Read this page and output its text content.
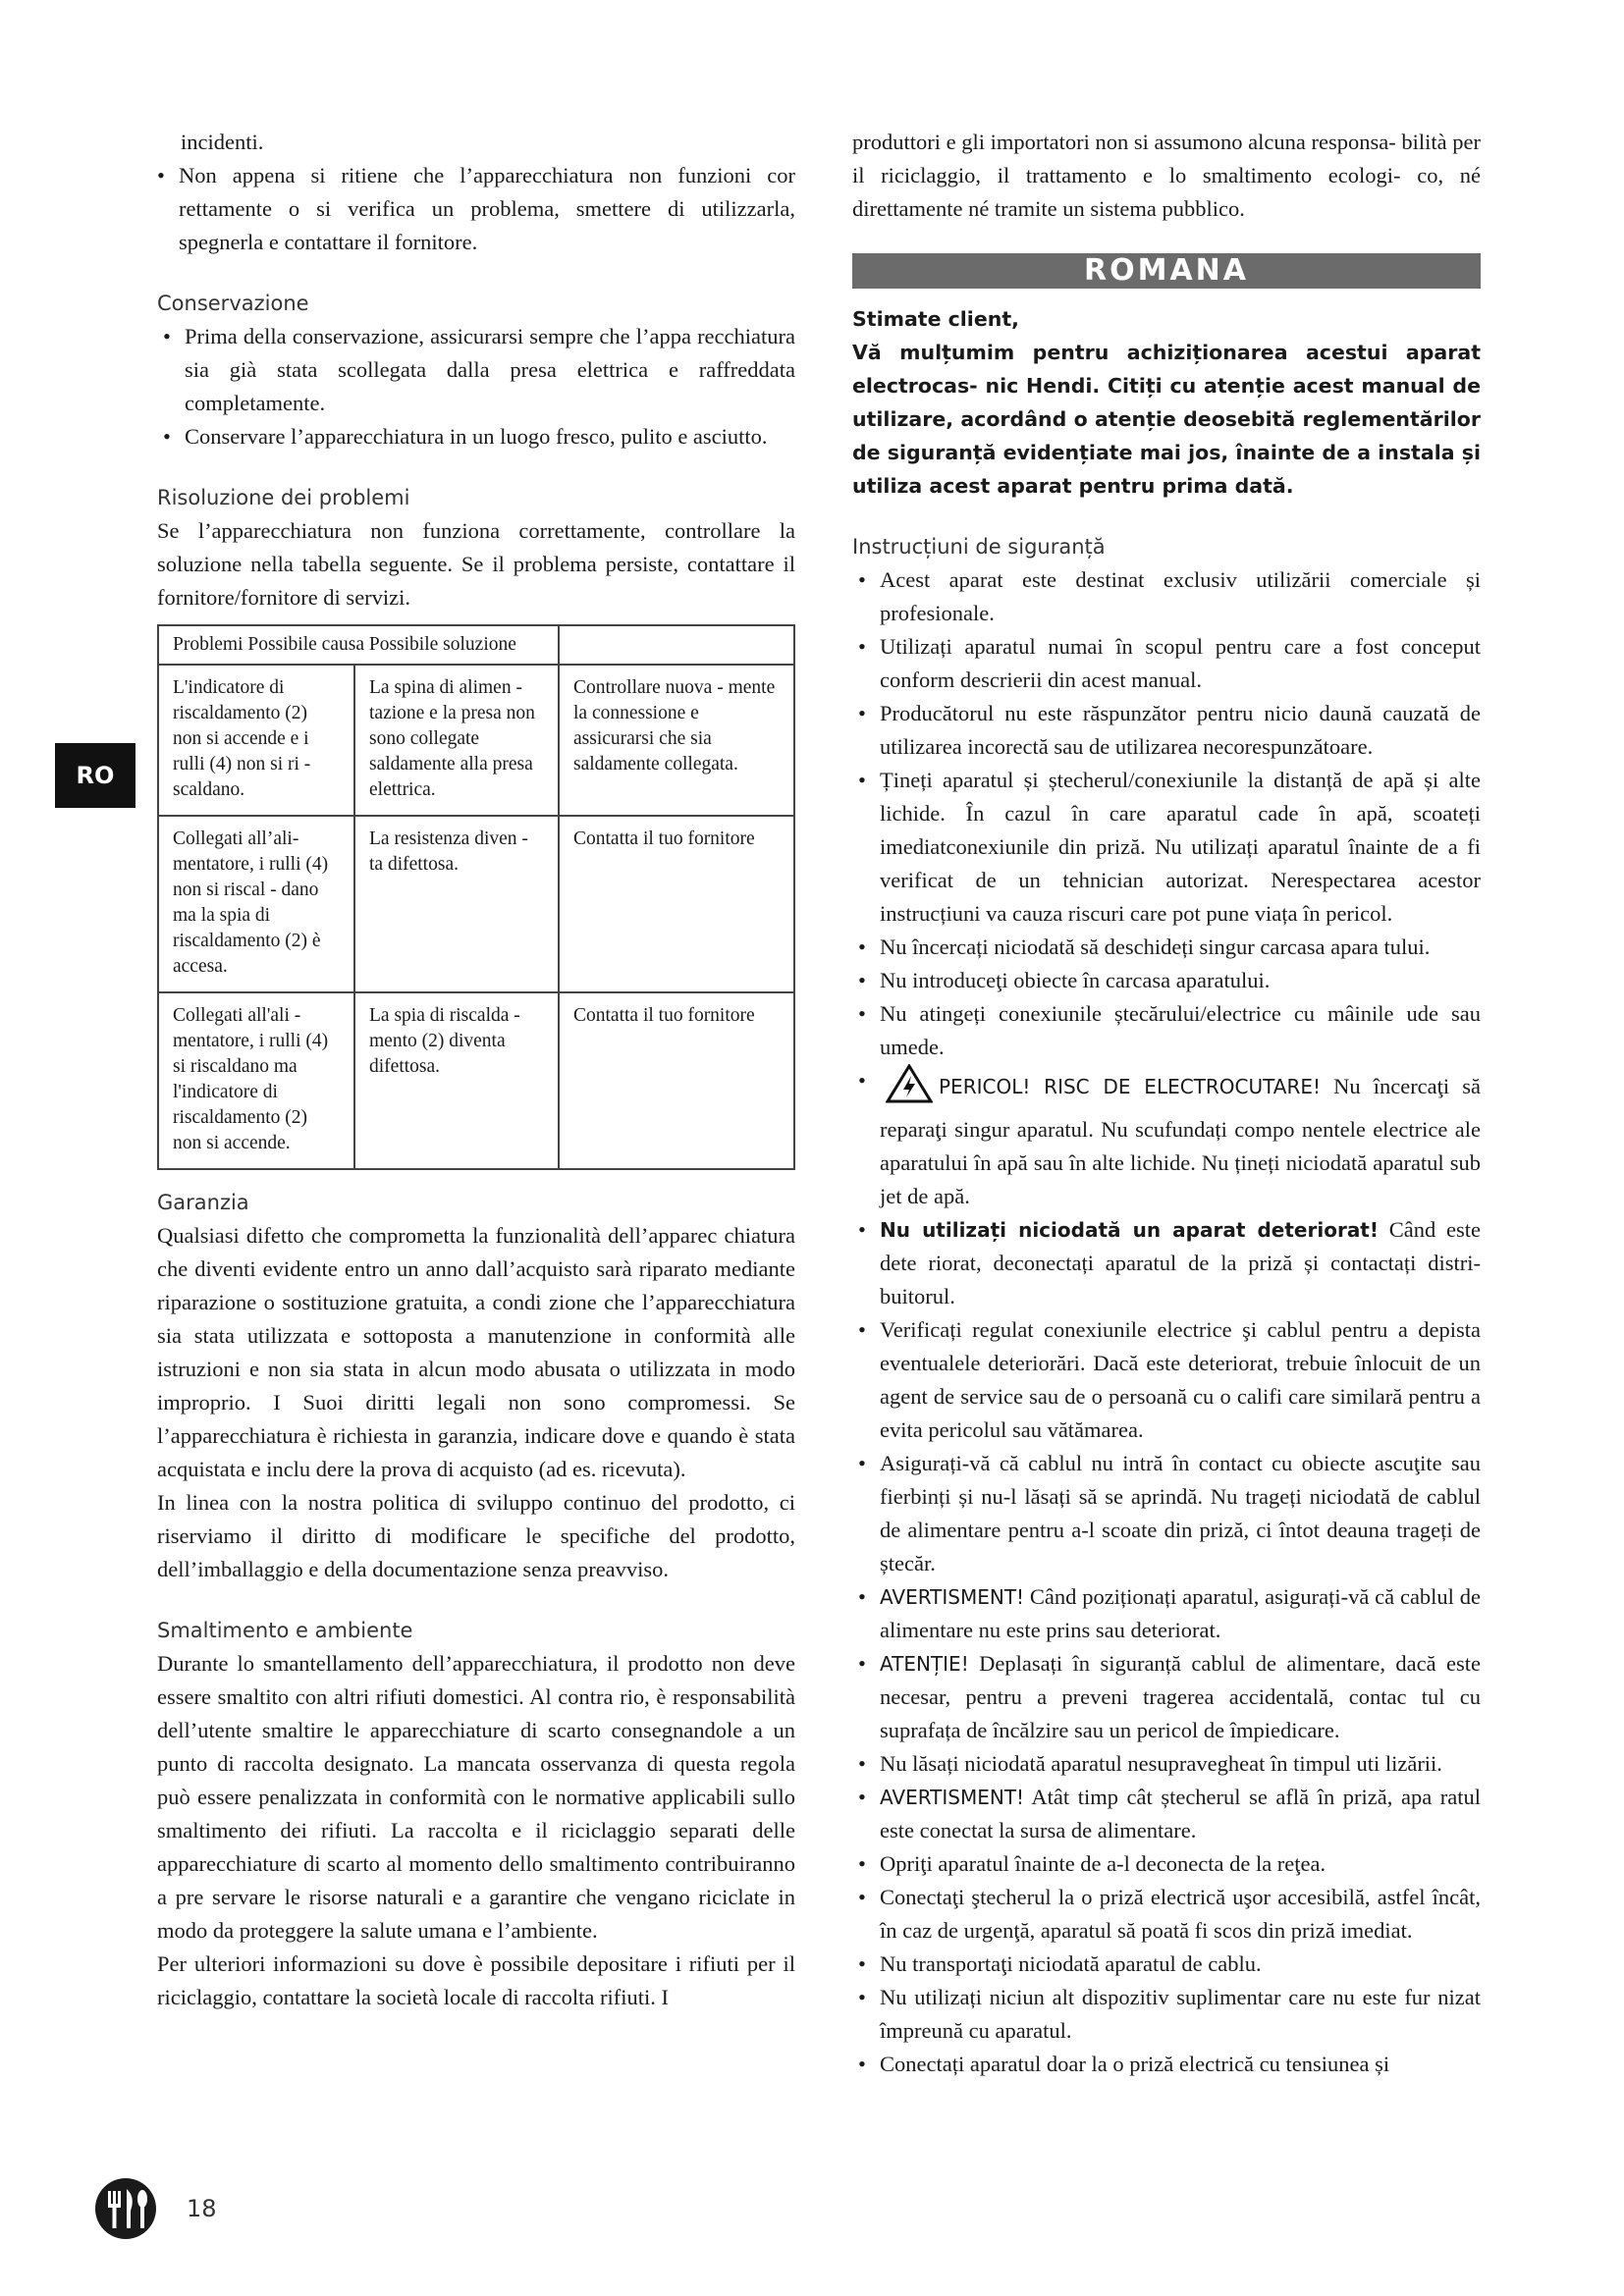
RO

incidenti.

• Non appena si ritiene che l’apparecchiatura non funzioni cor rettamente o si verifica un problema, smettere di utilizzarla, spegnerla e contattare il fornitore.
Conservazione
• Prima della conservazione, assicurarsi sempre che l’appa recchiatura sia già stata scollegata dalla presa elettrica e raffreddata completamente.
• Conservare l’apparecchiatura in un luogo fresco, pulito e asciutto.
Risoluzione dei problemi

Se l’apparecchiatura non funziona correttamente, controllare la soluzione nella tabella seguente. Se il problema persiste, contattare il fornitore/fornitore di servizi.

Problemi Possibile causa Possibile soluzione		
L'indicatore di riscaldamento (2) non si accende e i rulli (4) non si ri - scaldano.	La spina di alimen - tazione e la presa non sono collegate saldamente alla presa elettrica.	Controllare nuova - mente la connessione e assicurarsi che sia saldamente collegata.
Collegati all’ali- mentatore, i rulli (4) non si riscal - dano ma la spia di riscaldamento (2) è accesa.	La resistenza diven - ta difettosa.	Contatta il tuo fornitore
Collegati all'ali - mentatore, i rulli (4) si riscaldano ma l'indicatore di riscaldamento (2) non si accende.	La spia di riscalda - mento (2) diventa difettosa.	Contatta il tuo fornitore
Garanzia

Qualsiasi difetto che comprometta la funzionalità dell’apparec chiatura che diventi evidente entro un anno dall’acquisto sarà riparato mediante riparazione o sostituzione gratuita, a condi zione che l’apparecchiatura sia stata utilizzata e sottoposta a manutenzione in conformità alle istruzioni e non sia stata in alcun modo abusata o utilizzata in modo improprio. I Suoi diritti legali non sono compromessi. Se l’apparecchiatura è richiesta in garanzia, indicare dove e quando è stata acquistata e inclu dere la prova di acquisto (ad es. ricevuta).

In linea con la nostra politica di sviluppo continuo del prodotto, ci riserviamo il diritto di modificare le specifiche del prodotto, dell’imballaggio e della documentazione senza preavviso.

Smaltimento e ambiente

Durante lo smantellamento dell’apparecchiatura, il prodotto non deve essere smaltito con altri rifiuti domestici. Al contra rio, è responsabilità dell’utente smaltire le apparecchiature di scarto consegnandole a un punto di raccolta designato. La mancata osservanza di questa regola può essere penalizzata in conformità con le normative applicabili sullo smaltimento dei rifiuti. La raccolta e il riciclaggio separati delle apparecchiature di scarto al momento dello smaltimento contribuiranno a pre servare le risorse naturali e a garantire che vengano riciclate in modo da proteggere la salute umana e l’ambiente.

Per ulteriori informazioni su dove è possibile depositare i rifiuti per il riciclaggio, contattare la società locale di raccolta rifiuti. I

produttori e gli importatori non si assumono alcuna responsa- bilità per il riciclaggio, il trattamento e lo smaltimento ecologi- co, né direttamente né tramite un sistema pubblico.

ROMANA

Stimate client,

Vă mulțumim pentru achiziționarea acestui aparat electrocas- nic Hendi. Citiți cu atenție acest manual de utilizare, acordând o atenție deosebită reglementărilor de siguranță evidențiate mai jos, înainte de a instala și utiliza acest aparat pentru prima dată.

Instrucțiuni de siguranță
• Acest aparat este destinat exclusiv utilizării comerciale și profesionale.
• Utilizați aparatul numai în scopul pentru care a fost conceput conform descrierii din acest manual.
• Producătorul nu este răspunzător pentru nicio daună cauzată de utilizarea incorectă sau de utilizarea necorespunzătoare.
• Țineți aparatul și ștecherul/conexiunile la distanță de apă și alte lichide. În cazul în care aparatul cade în apă, scoateți imediatconexiunile din priză. Nu utilizați aparatul înainte de a fi verificat de un tehnician autorizat. Nerespectarea acestor instrucțiuni va cauza riscuri care pot pune viața în pericol.
• Nu încercați niciodată să deschideți singur carcasa apara tului.
• Nu introduceţi obiecte în carcasa aparatului.
• Nu atingeți conexiunile ștecărului/electrice cu mâinile ude sau umede.
• PERICOL! RISC DE ELECTROCUTARE! Nu încercaţi să reparaţi singur aparatul. Nu scufundați compo nentele electrice ale aparatului în apă sau în alte lichide. Nu țineți niciodată aparatul sub jet de apă.
• Nu utilizați niciodată un aparat deteriorat! Când este dete riorat, deconectați aparatul de la priză și contactați distri- buitorul.
• Verificați regulat conexiunile electrice şi cablul pentru a depista eventualele deteriorări. Dacă este deteriorat, trebuie înlocuit de un agent de service sau de o persoană cu o califi care similară pentru a evita pericolul sau vătămarea.
• Asigurați-vă că cablul nu intră în contact cu obiecte ascuţite sau fierbinți și nu-l lăsați să se aprindă. Nu trageți niciodată de cablul de alimentare pentru a-l scoate din priză, ci întot deauna trageți de ștecăr.
• AVERTISMENT! Când poziționați aparatul, asigurați-vă că cablul de alimentare nu este prins sau deteriorat.
• ATENȚIE! Deplasați în siguranță cablul de alimentare, dacă este necesar, pentru a preveni tragerea accidentală, contac tul cu suprafața de încălzire sau un pericol de împiedicare.
• Nu lăsați niciodată aparatul nesupravegheat în timpul uti lizării.
• AVERTISMENT! Atât timp cât ștecherul se află în priză, apa ratul este conectat la sursa de alimentare.
• Opriţi aparatul înainte de a-l deconecta de la reţea.
• Conectaţi ştecherul la o priză electrică uşor accesibilă, astfel încât, în caz de urgenţă, aparatul să poată fi scos din priză imediat.
• Nu transportaţi niciodată aparatul de cablu.
• Nu utilizați niciun alt dispozitiv suplimentar care nu este fur nizat împreună cu aparatul.
• Conectați aparatul doar la o priză electrică cu tensiunea și
18
